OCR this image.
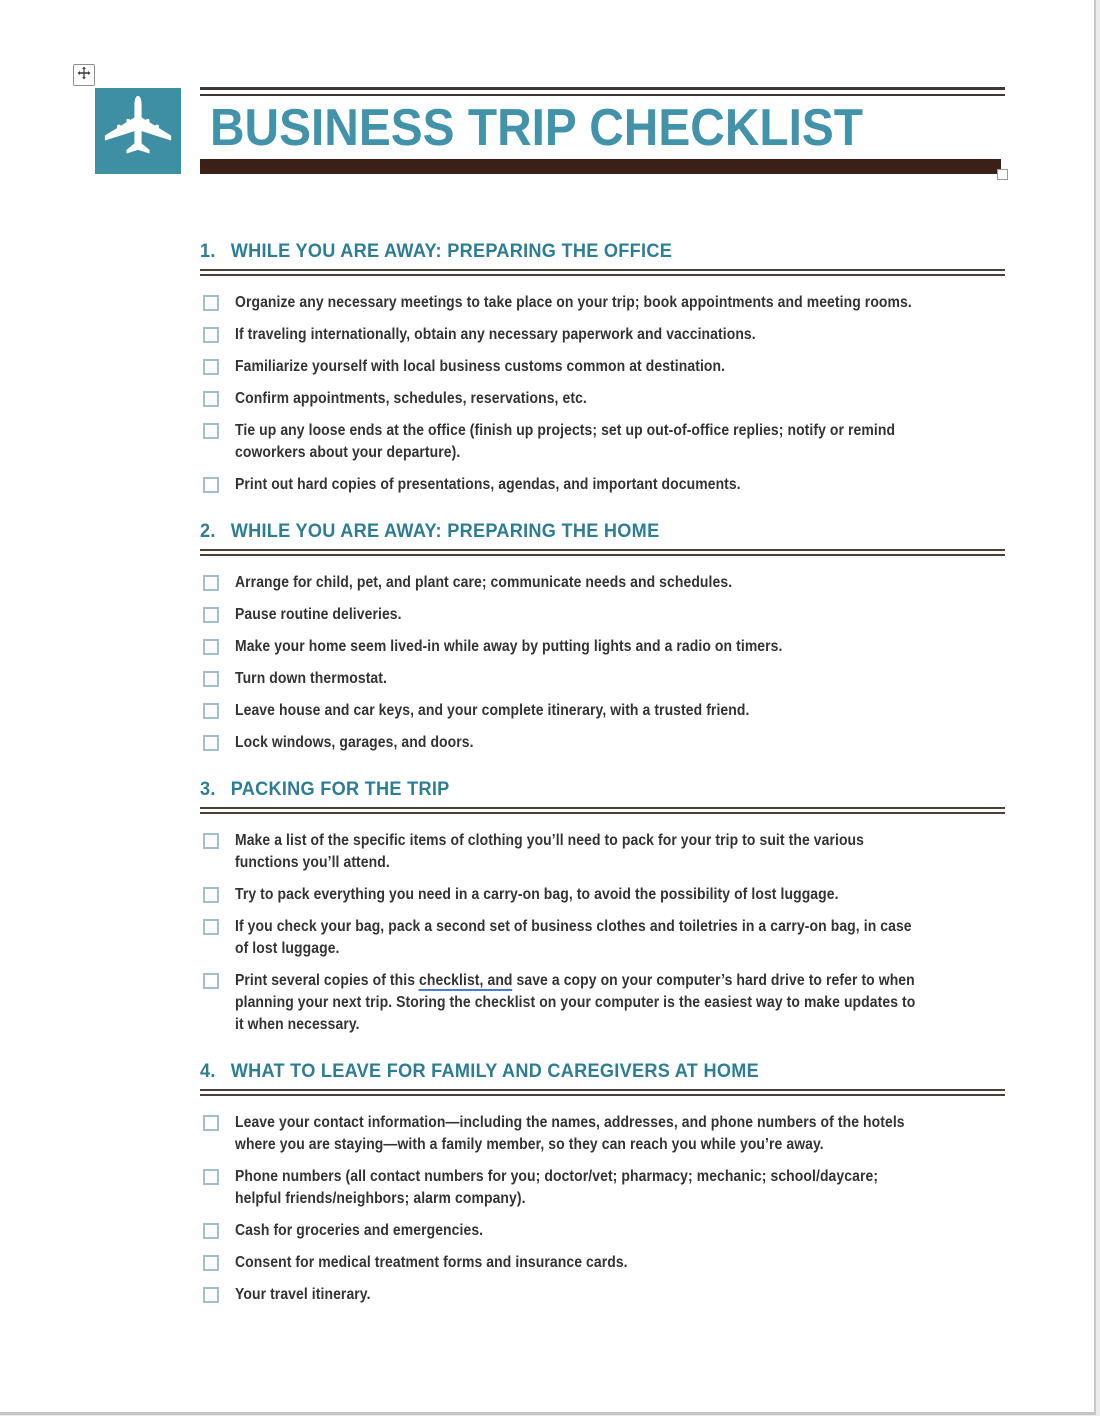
BUSINESS TRIP CHECKLIST
1. WHILE YOU ARE AWAY: PREPARING THE OFFICE
Organize any necessary meetings to take place on your trip; book appointments and meeting rooms.
If traveling internationally, obtain any necessary paperwork and vaccinations.
Familiarize yourself with local business customs common at destination.
Confirm appointments, schedules, reservations, etc.
Tie up any loose ends at the office (finish up projects; set up out-of-office replies; notify or remind coworkers about your departure).
Print out hard copies of presentations, agendas, and important documents.
2. WHILE YOU ARE AWAY: PREPARING THE HOME
Arrange for child, pet, and plant care; communicate needs and schedules.
Pause routine deliveries.
Make your home seem lived-in while away by putting lights and a radio on timers.
Turn down thermostat.
Leave house and car keys, and your complete itinerary, with a trusted friend.
Lock windows, garages, and doors.
3. PACKING FOR THE TRIP
Make a list of the specific items of clothing you’ll need to pack for your trip to suit the various functions you’ll attend.
Try to pack everything you need in a carry-on bag, to avoid the possibility of lost luggage.
If you check your bag, pack a second set of business clothes and toiletries in a carry-on bag, in case of lost luggage.
Print several copies of this checklist, and save a copy on your computer’s hard drive to refer to when planning your next trip. Storing the checklist on your computer is the easiest way to make updates to it when necessary.
4. WHAT TO LEAVE FOR FAMILY AND CAREGIVERS AT HOME
Leave your contact information—including the names, addresses, and phone numbers of the hotels where you are staying—with a family member, so they can reach you while you’re away.
Phone numbers (all contact numbers for you; doctor/vet; pharmacy; mechanic; school/daycare; helpful friends/neighbors; alarm company).
Cash for groceries and emergencies.
Consent for medical treatment forms and insurance cards.
Your travel itinerary.
